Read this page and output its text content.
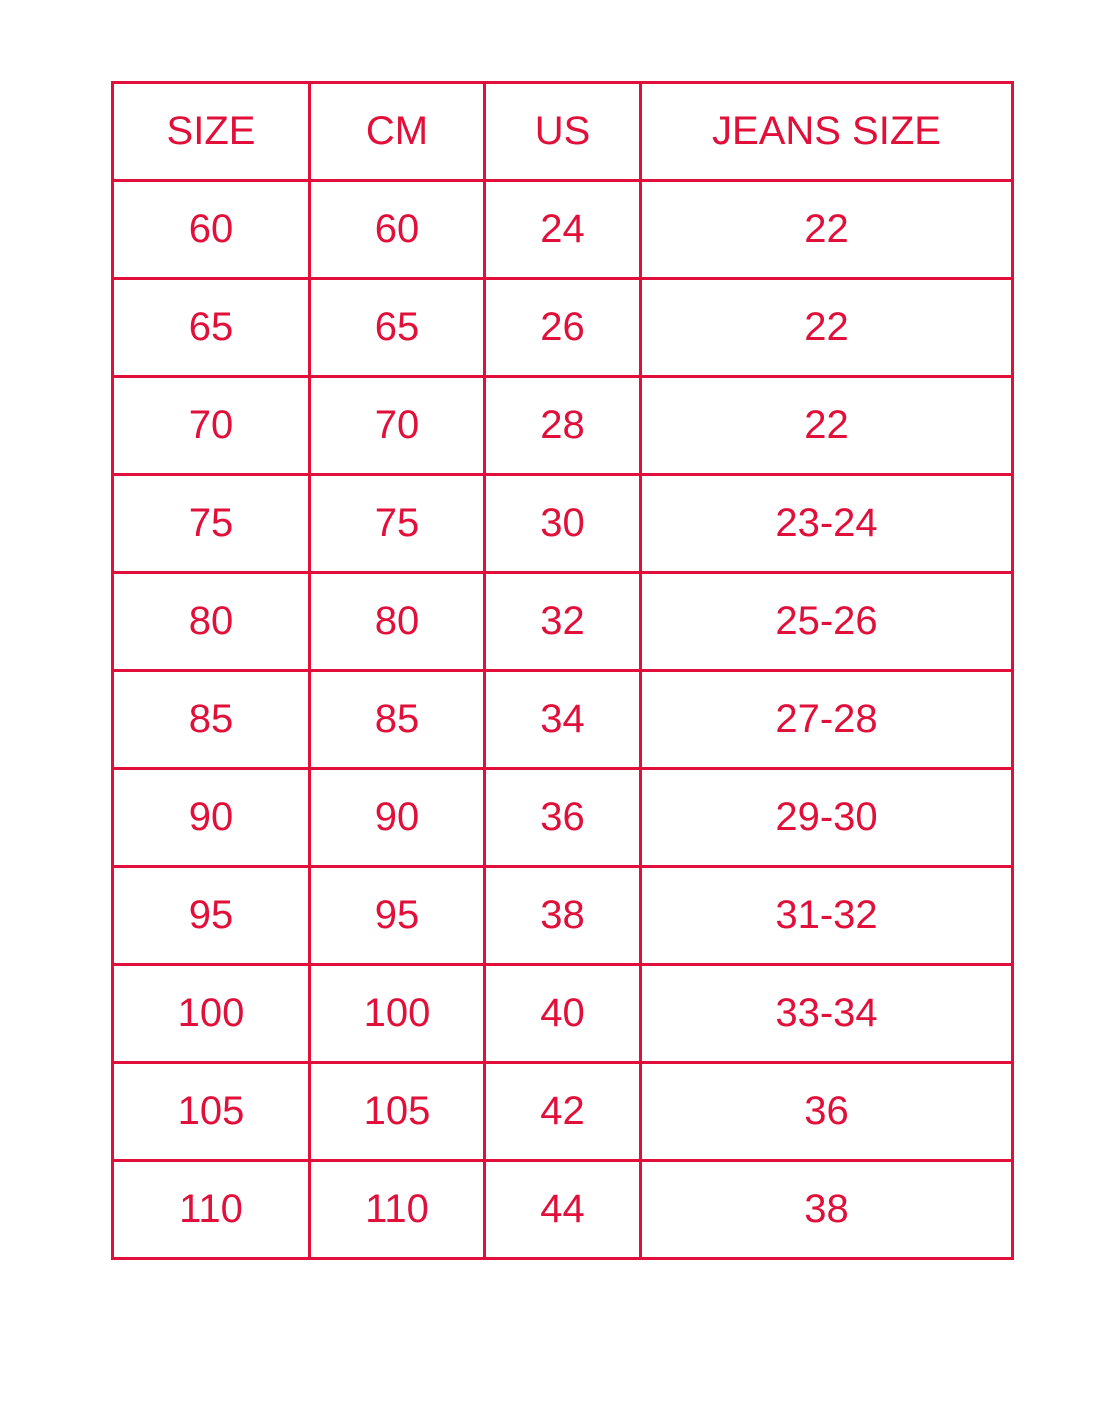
SIZE	CM	US	JEANS SIZE
60	60	24	22
65	65	26	22
70	70	28	22
75	75	30	23-24
80	80	32	25-26
85	85	34	27-28
90	90	36	29-30
95	95	38	31-32
100	100	40	33-34
105	105	42	36
110	110	44	38
